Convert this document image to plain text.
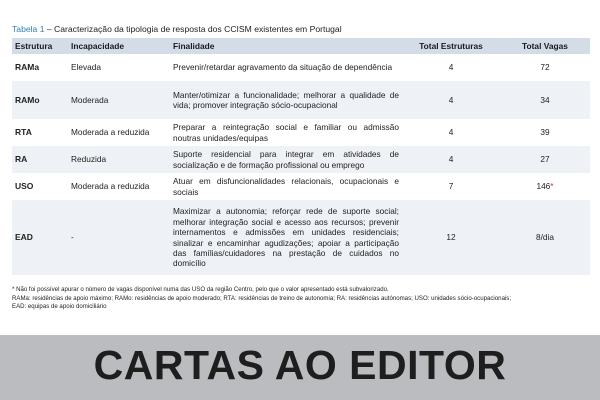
Tabela 1 – Caracterização da tipologia de resposta dos CCISM existentes em Portugal
Estrutura	Incapacidade	Finalidade	Total Estruturas	Total Vagas
RAMa	Elevada	Prevenir/retardar agravamento da situação de dependência	4	72
RAMo	Moderada	Manter/otimizar a funcionalidade; melhorar a qualidade de vida; promover integração sócio-ocupacional	4	34
RTA	Moderada a reduzida	Preparar a reintegração social e familiar ou admissão noutras unidades/equipas	4	39
RA	Reduzida	Suporte residencial para integrar em atividades de socialização e de formação profissional ou emprego	4	27
USO	Moderada a reduzida	Atuar em disfuncionalidades relacionais, ocupacionais e sociais	7	146*
EAD	-	Maximizar a autonomia; reforçar rede de suporte social; melhorar integração social e acesso aos recursos; prevenir internamentos e admissões em unidades residenciais; sinalizar e encaminhar agudizações; apoiar a participação das famílias/cuidadores na prestação de cuidados no domicílio	12	8/dia
* Não foi possível apurar o número de vagas disponível numa das USO da região Centro, pelo que o valor apresentado está subvalorizado.
RAMa: residências de apoio máximo; RAMo: residências de apoio moderado; RTA: residências de treino de autonomia; RA: residências autónomas; USO: unidades sócio-ocupacionais;
EAD: equipas de apoio domiciliário
CARTAS AO EDITOR
